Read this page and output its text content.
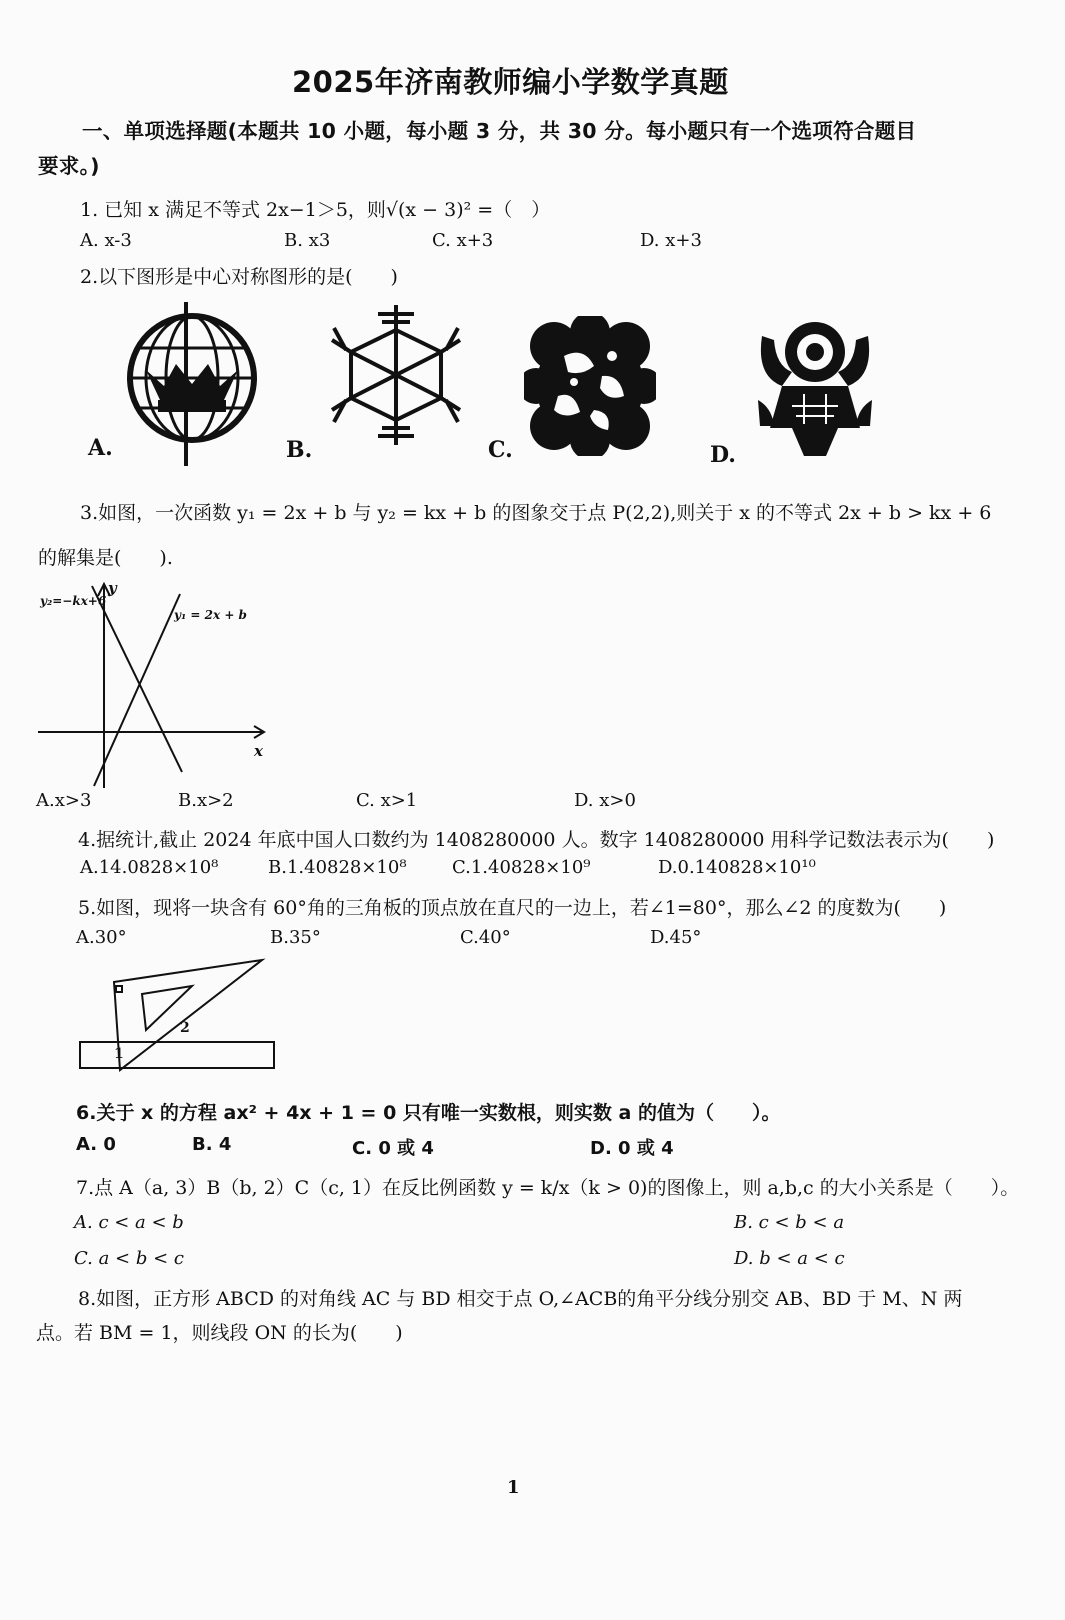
2025年济南教师编小学数学真题
一、单项选择题(本题共 10 小题，每小题 3 分，共 30 分。每小题只有一个选项符合题目
要求。)
1. 已知 x 满足不等式 2x−1＞5，则√(x − 3)² =（　）
A. x-3	B. x3	C. x+3	D. x+3
2.以下图形是中心对称图形的是(　　)
A.	B.	C.	D.
3.如图，一次函数 y₁ = 2x + b 与 y₂ = kx + b 的图象交于点 P(2,2),则关于 x 的不等式 2x + b > kx + 6
的解集是(　　).
y₂=−kx+6
y₁ = 2x + b
x
y
A.x>3	B.x>2	C. x>1	D. x>0
4.据统计,截止 2024 年底中国人口数约为 1408280000 人。数字 1408280000 用科学记数法表示为(　　)
A.14.0828×10⁸	B.1.40828×10⁸	C.1.40828×10⁹	D.0.140828×10¹⁰
5.如图，现将一块含有 60°角的三角板的顶点放在直尺的一边上，若∠1=80°，那么∠2 的度数为(　　)
A.30°	B.35°	C.40°	D.45°
1
2
6.关于 x 的方程 ax² + 4x + 1 = 0 只有唯一实数根，则实数 a 的值为（　　）。
A. 0	B. 4	C. 0 或 4	D. 0 或 4
7.点 A（a, 3）B（b, 2）C（c, 1）在反比例函数 y = k/x（k > 0)的图像上，则 a,b,c 的大小关系是（　　）。
A. c < a < b	B. c < b < a
C. a < b < c	D. b < a < c
8.如图，正方形 ABCD 的对角线 AC 与 BD 相交于点 O,∠ACB的角平分线分别交 AB、BD 于 M、N 两
点。若 BM = 1，则线段 ON 的长为(　　)
1
